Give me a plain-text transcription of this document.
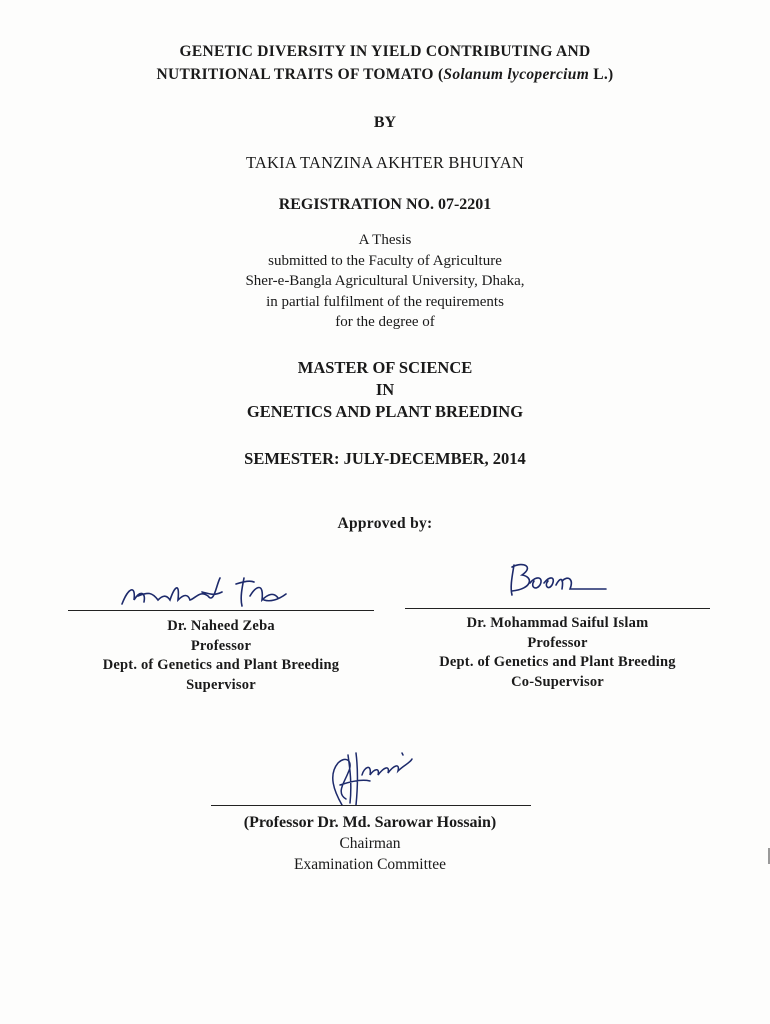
GENETIC DIVERSITY IN YIELD CONTRIBUTING AND
NUTRITIONAL TRAITS OF TOMATO (Solanum lycopercium L.)
BY
TAKIA TANZINA AKHTER BHUIYAN
REGISTRATION NO. 07-2201
A Thesis
submitted to the Faculty of Agriculture
Sher-e-Bangla Agricultural University, Dhaka,
in partial fulfilment of the requirements
for the degree of
MASTER OF SCIENCE
IN
GENETICS AND PLANT BREEDING
SEMESTER: JULY-DECEMBER, 2014
Approved by:
Dr. Naheed Zeba
Professor
Dept. of Genetics and Plant Breeding
Supervisor
Dr. Mohammad Saiful Islam
Professor
Dept. of Genetics and Plant Breeding
Co-Supervisor
(Professor Dr. Md. Sarowar Hossain)
Chairman
Examination Committee
